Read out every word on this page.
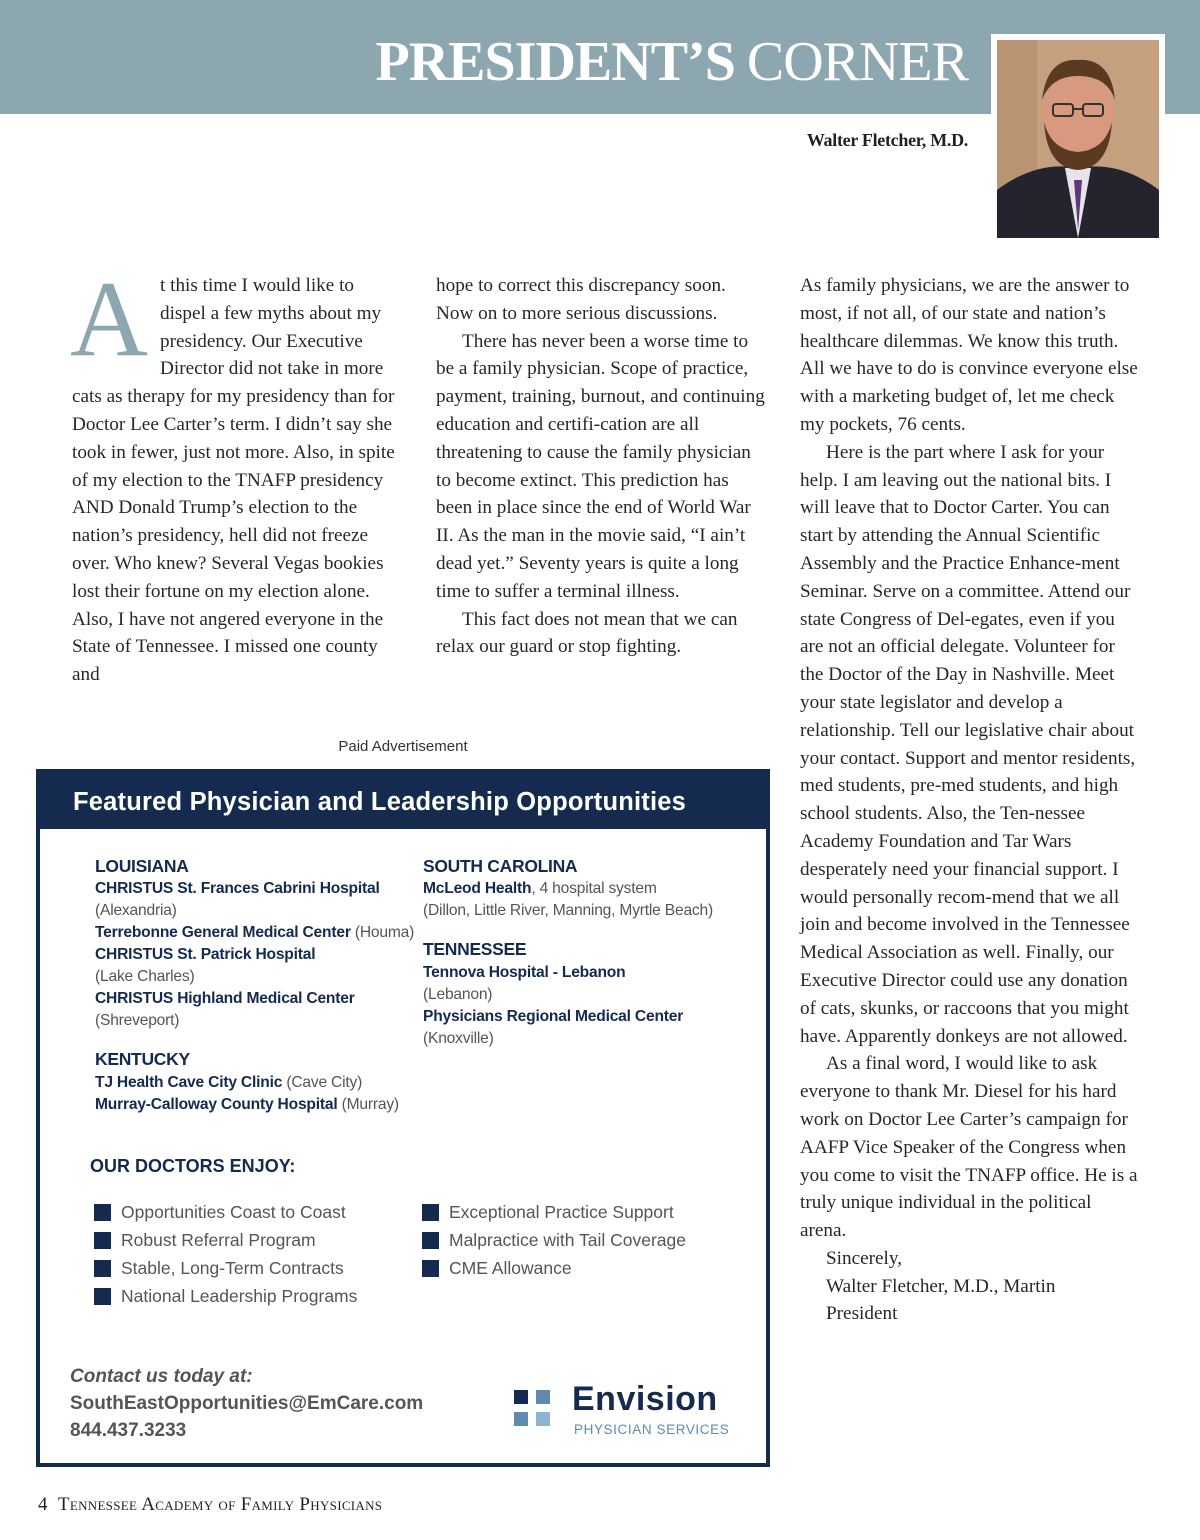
PRESIDENT’S CORNER
Walter Fletcher, M.D.
A t this time I would like to dispel a few myths about my presidency. Our Executive Director did not take in more cats as therapy for my presidency than for Doctor Lee Carter’s term. I didn’t say she took in fewer, just not more. Also, in spite of my election to the TNAFP presidency AND Donald Trump’s election to the nation’s presidency, hell did not freeze over. Who knew? Several Vegas bookies lost their fortune on my election alone. Also, I have not angered everyone in the State of Tennessee. I missed one county and

hope to correct this discrepancy soon. Now on to more serious discussions.

There has never been a worse time to be a family physician. Scope of practice, payment, training, burnout, and continuing education and certifi-cation are all threatening to cause the family physician to become extinct. This prediction has been in place since the end of World War II. As the man in the movie said, “I ain’t dead yet.” Seventy years is quite a long time to suffer a terminal illness.

This fact does not mean that we can relax our guard or stop fighting.

As family physicians, we are the answer to most, if not all, of our state and nation’s healthcare dilemmas. We know this truth. All we have to do is convince everyone else with a marketing budget of, let me check my pockets, 76 cents.

Here is the part where I ask for your help. I am leaving out the national bits. I will leave that to Doctor Carter. You can start by attending the Annual Scientific Assembly and the Practice Enhance-ment Seminar. Serve on a committee. Attend our state Congress of Del-egates, even if you are not an official delegate. Volunteer for the Doctor of the Day in Nashville. Meet your state legislator and develop a relationship. Tell our legislative chair about your contact. Support and mentor residents, med students, pre-med students, and high school students. Also, the Ten-nessee Academy Foundation and Tar Wars desperately need your financial support. I would personally recom-mend that we all join and become involved in the Tennessee Medical Association as well. Finally, our Executive Director could use any donation of cats, skunks, or raccoons that you might have. Apparently donkeys are not allowed.

As a final word, I would like to ask everyone to thank Mr. Diesel for his hard work on Doctor Lee Carter’s campaign for AAFP Vice Speaker of the Congress when you come to visit the TNAFP office. He is a truly unique individual in the political arena.

Sincerely,

Walter Fletcher, M.D., Martin

President

Paid Advertisement
Featured Physician and Leadership Opportunities
LOUISIANA
CHRISTUS St. Frances Cabrini Hospital
(Alexandria)
Terrebonne General Medical Center (Houma)
CHRISTUS St. Patrick Hospital
(Lake Charles)
CHRISTUS Highland Medical Center
(Shreveport)
KENTUCKY
TJ Health Cave City Clinic (Cave City)
Murray-Calloway County Hospital (Murray)
SOUTH CAROLINA
McLeod Health, 4 hospital system
(Dillon, Little River, Manning, Myrtle Beach)
TENNESSEE
Tennova Hospital - Lebanon
(Lebanon)
Physicians Regional Medical Center
(Knoxville)
OUR DOCTORS ENJOY:
Opportunities Coast to Coast
Robust Referral Program
Stable, Long-Term Contracts
National Leadership Programs
Exceptional Practice Support
Malpractice with Tail Coverage
CME Allowance
Contact us today at:
SouthEastOpportunities@EmCare.com
844.437.3233
Envision
PHYSICIAN SERVICES
4 Tennessee Academy of Family Physicians
